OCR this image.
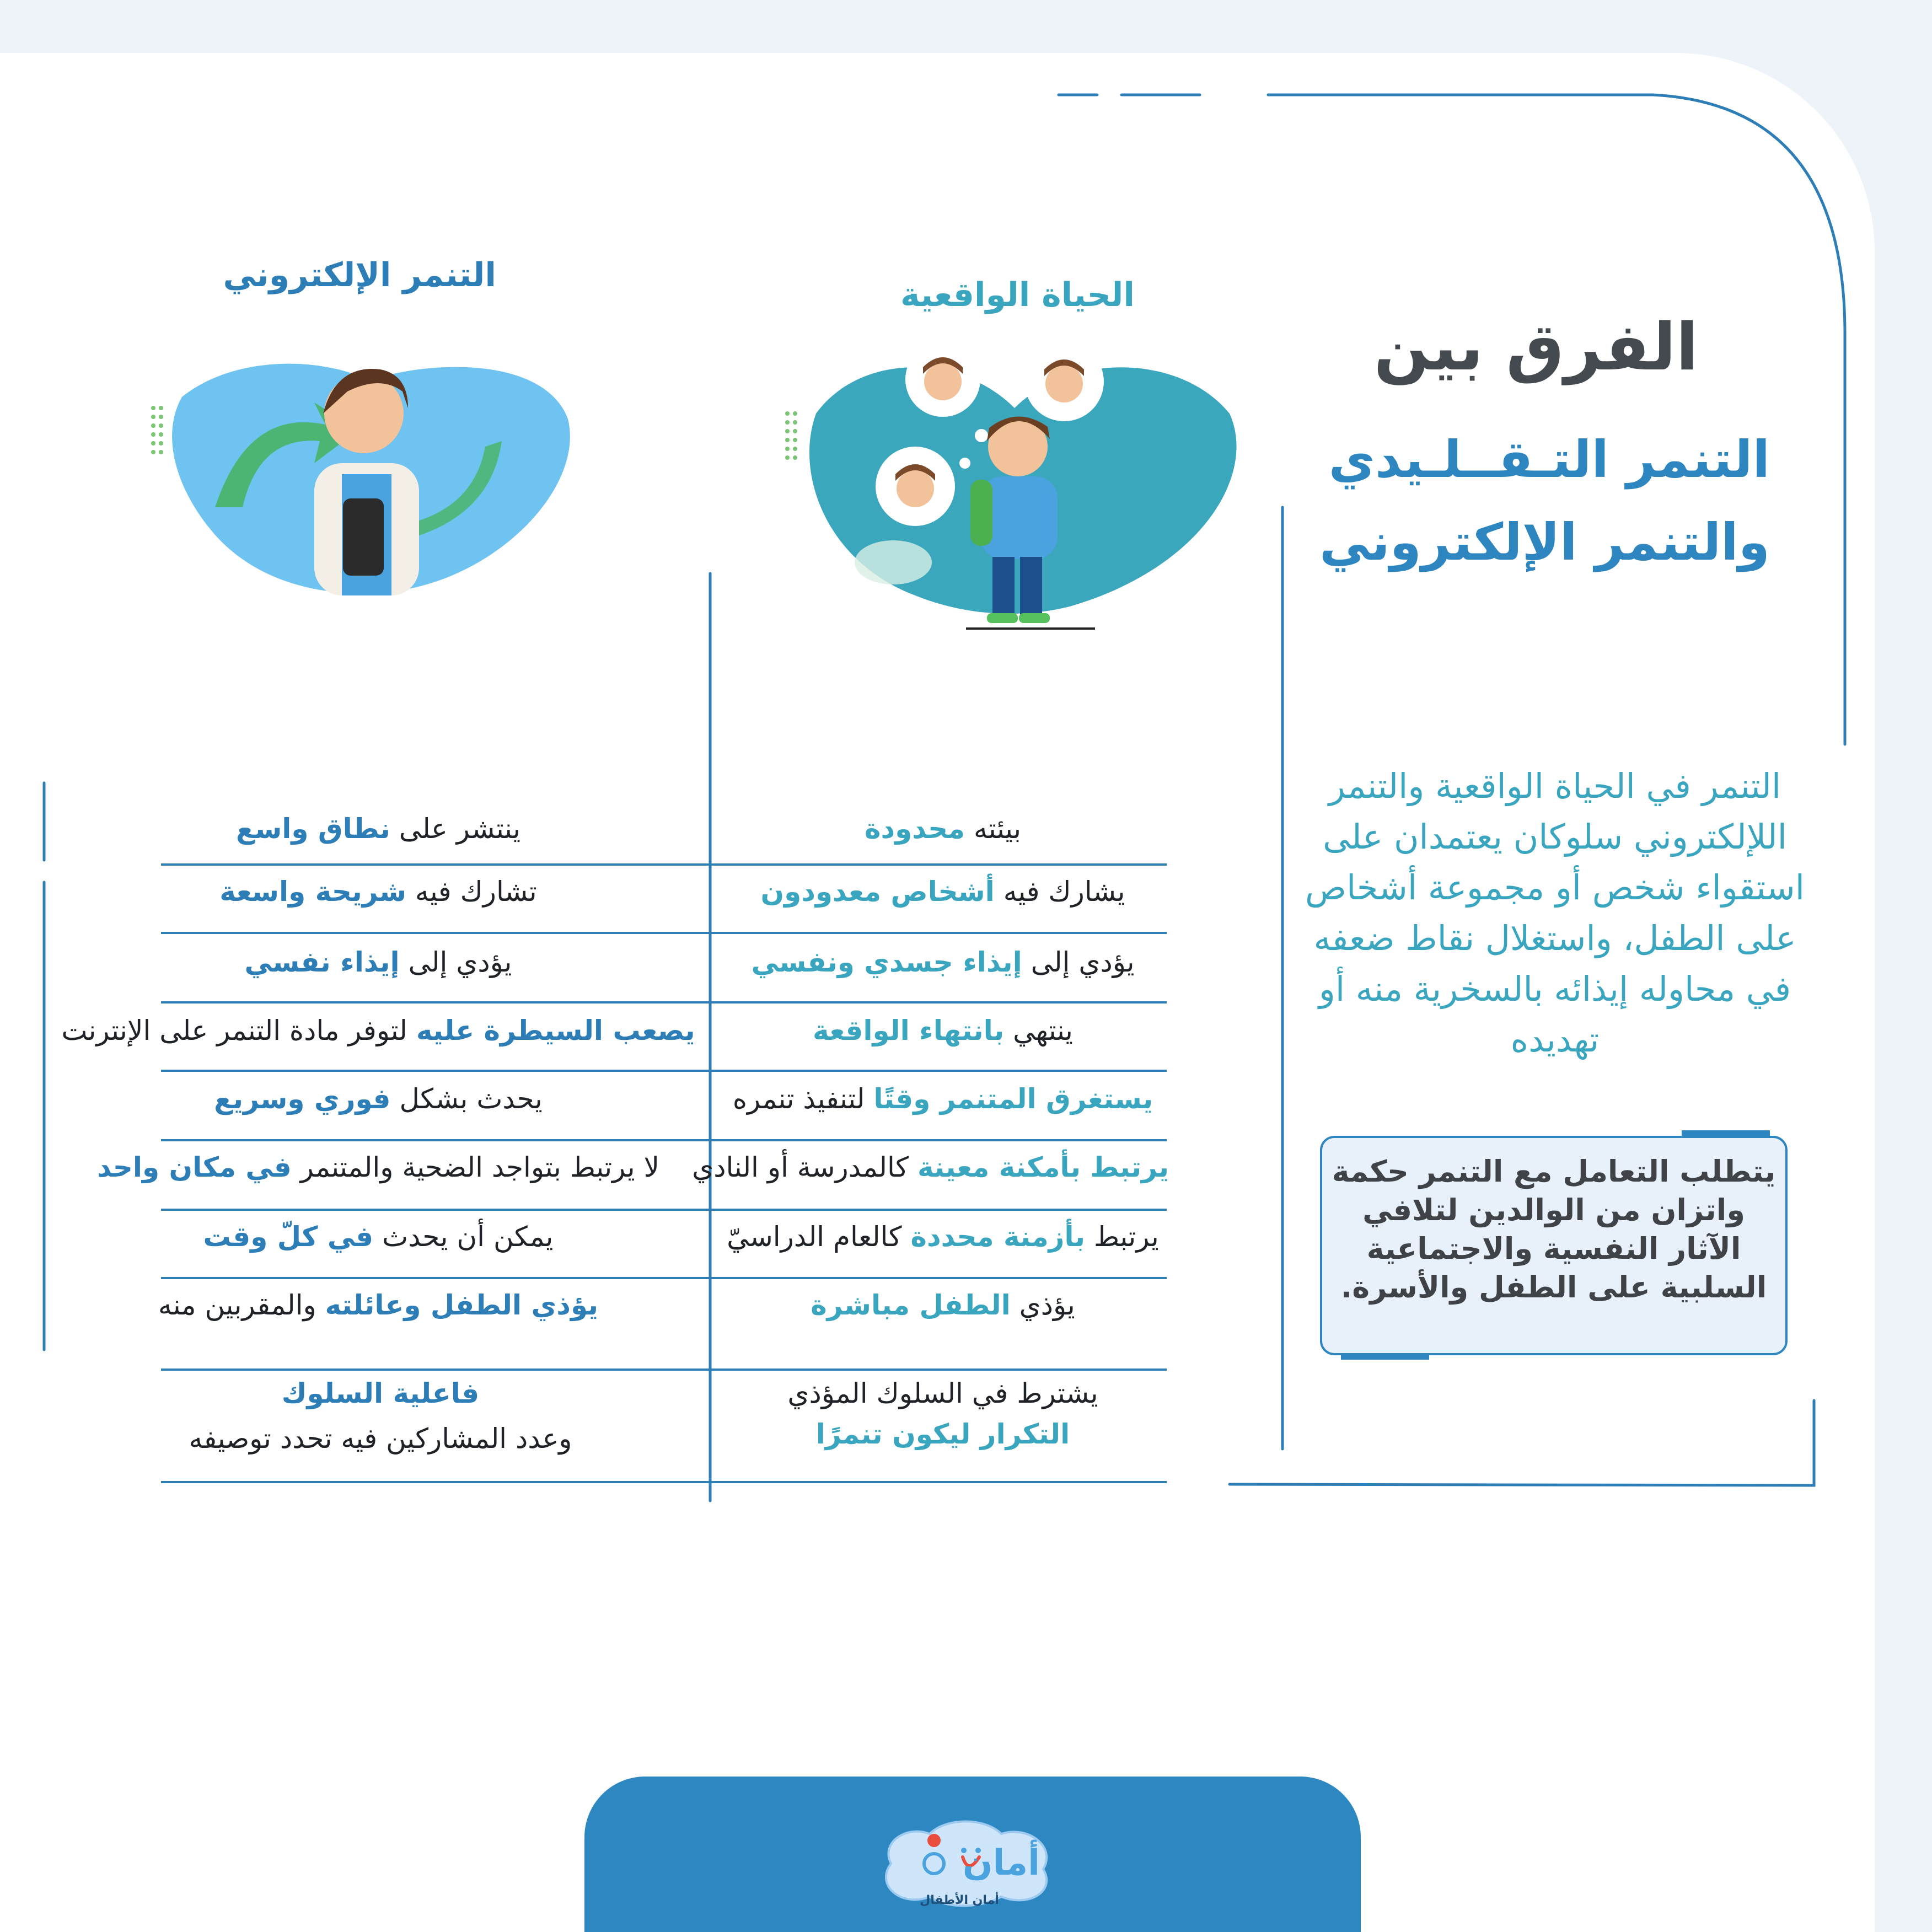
الفرق بين
التنمر التـقــلـيدي
والتنمر الإلكتروني
الحياة الواقعية
التنمر الإلكتروني
التنمر في الحياة الواقعية والتنمر اللإلكتروني سلوكان يعتمدان على استقواء شخص أو مجموعة أشخاص على الطفل، واستغلال نقاط ضعفه في محاوله إيذائه بالسخرية منه أو تهديده
يتطلب التعامل مع التنمر حكمة واتزان من الوالدين لتلافي الآثار النفسية والاجتماعية السلبية على الطفل والأسرة.
بيئته محدودة
ينتشر على نطاق واسع
يشارك فيه أشخاص معدودون
تشارك فيه شريحة واسعة
يؤدي إلى إيذاء جسدي ونفسي
يؤدي إلى إيذاء نفسي
ينتهي بانتهاء الواقعة
يصعب السيطرة عليه لتوفر مادة التنمر على الإنترنت
يستغرق المتنمر وقتًا لتنفيذ تنمره
يحدث بشكل فوري وسريع
يرتبط بأمكنة معينة كالمدرسة أو النادي
لا يرتبط بتواجد الضحية والمتنمر في مكان واحد
يرتبط بأزمنة محددة كالعام الدراسيّ
يمكن أن يحدث في كلّ وقت
يؤذي الطفل مباشرة
يؤذي الطفل وعائلته والمقربين منه
يشترط في السلوك المؤذي
التكرار ليكون تنمرًا
فاعلية السلوك
وعدد المشاركين فيه تحدد توصيفه
أمان
أمان الأطفال
